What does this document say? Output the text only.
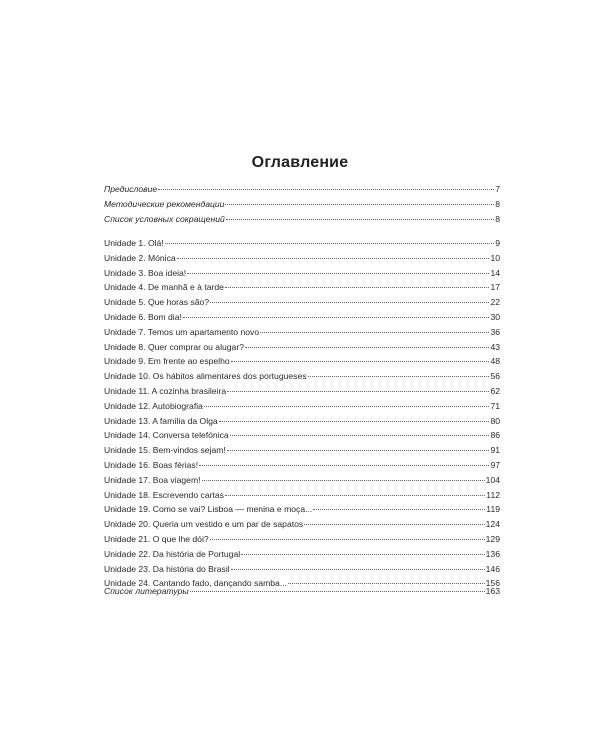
Оглавление
Предисловие	7
Методические рекомендации	8
Список условных сокращений	8
Unidade 1. Olá!	9
Unidade 2. Mónica	10
Unidade 3. Boa ideia!	14
Unidade 4. De manhã e à tarde	17
Unidade 5. Que horas são?	22
Unidade 6. Bom dia!	30
Unidade 7. Temos um apartamento novo	36
Unidade 8. Quer comprar ou alugar?	43
Unidade 9. Em frente ao espelho	48
Unidade 10. Os hábitos alimentares dos portugueses	56
Unidade 11. A cozinha brasileira	62
Unidade 12. Autobiografia	71
Unidade 13. A família da Olga	80
Unidade 14. Conversa telefónica	86
Unidade 15. Bem-vindos sejam!	91
Unidade 16. Boas férias!	97
Unidade 17. Boa viagem!	104
Unidade 18. Escrevendo cartas	112
Unidade 19. Como se vai? Lisboa — menina e moça...	119
Unidade 20. Queria um vestido e um par de sapatos	124
Unidade 21. O que lhe dói?	129
Unidade 22. Da história de Portugal	136
Unidade 23. Da história do Brasil	146
Unidade 24. Cantando fado, dançando samba...	156
Список литературы	163
